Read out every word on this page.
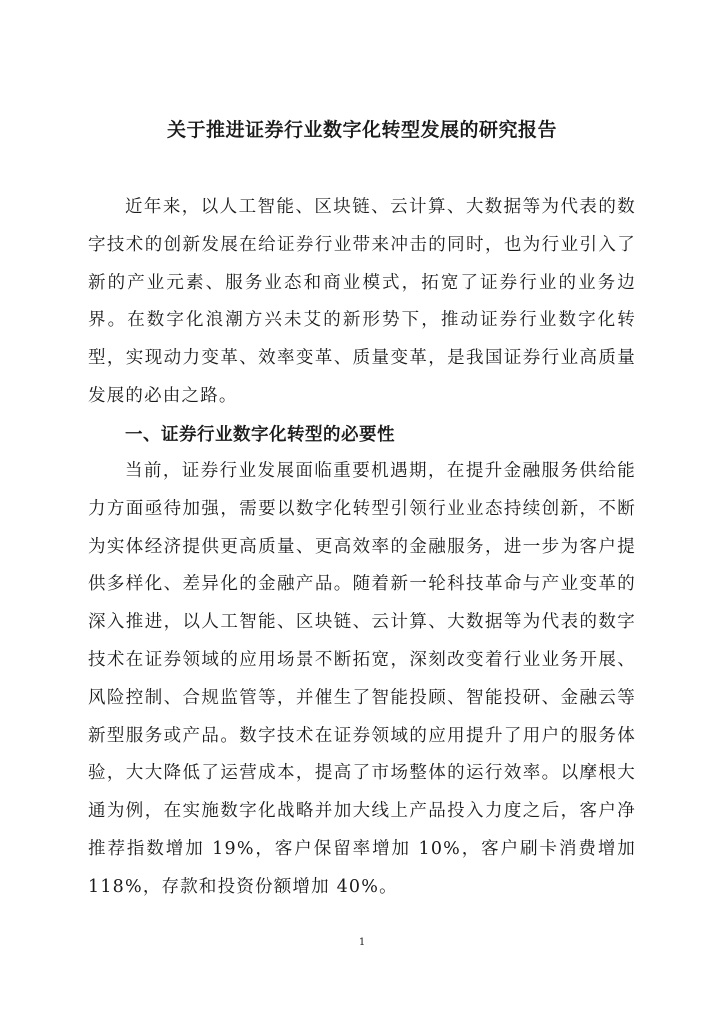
关于推进证券行业数字化转型发展的研究报告

近年来，以人工智能、区块链、云计算、大数据等为代表的数字技术的创新发展在给证券行业带来冲击的同时，也为行业引入了新的产业元素、服务业态和商业模式，拓宽了证券行业的业务边界。在数字化浪潮方兴未艾的新形势下，推动证券行业数字化转型，实现动力变革、效率变革、质量变革，是我国证券行业高质量发展的必由之路。

一、证券行业数字化转型的必要性

当前，证券行业发展面临重要机遇期，在提升金融服务供给能力方面亟待加强，需要以数字化转型引领行业业态持续创新，不断为实体经济提供更高质量、更高效率的金融服务，进一步为客户提供多样化、差异化的金融产品。随着新一轮科技革命与产业变革的深入推进，以人工智能、区块链、云计算、大数据等为代表的数字技术在证券领域的应用场景不断拓宽，深刻改变着行业业务开展、风险控制、合规监管等，并催生了智能投顾、智能投研、金融云等新型服务或产品。数字技术在证券领域的应用提升了用户的服务体验，大大降低了运营成本，提高了市场整体的运行效率。以摩根大通为例，在实施数字化战略并加大线上产品投入力度之后，客户净推荐指数增加 19%，客户保留率增加 10%，客户刷卡消费增加 118%，存款和投资份额增加 40%。

1
